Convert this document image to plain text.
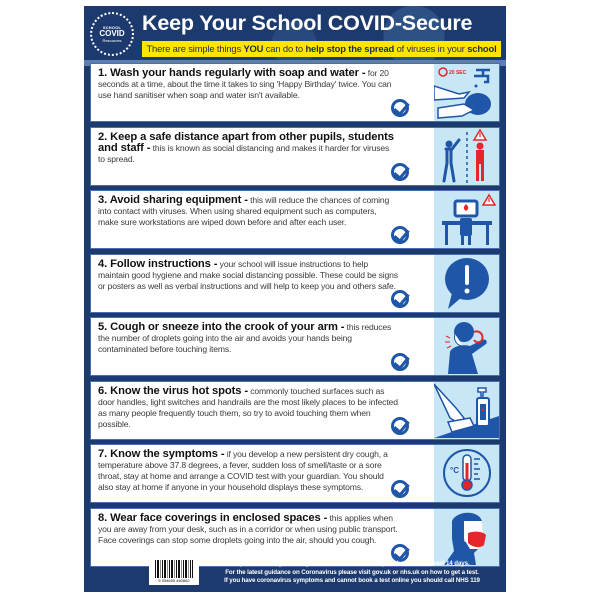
SCHOOL
COVID
Resources
Keep Your School COVID-Secure
There are simple things YOU can do to help stop the spread of viruses in your school
1. Wash your hands regularly with soap and water - for 20 seconds at a time, about the time it takes to sing 'Happy Birthday' twice. You can use hand sanitiser when soap and water isn't available.
20 SEC
2. Keep a safe distance apart from other pupils, students and staff - this is known as social distancing and makes it harder for viruses to spread.
3. Avoid sharing equipment - this will reduce the chances of coming into contact with viruses. When using shared equipment such as computers, make sure workstations are wiped down before and after each user.
4. Follow instructions - your school will issue instructions to help maintain good hygiene and make social distancing possible. These could be signs or posters as well as verbal instructions and will help to keep you and others safe.
5. Cough or sneeze into the crook of your arm - this reduces the number of droplets going into the air and avoids your hands being contaminated before touching items.
6. Know the virus hot spots - commonly touched surfaces such as door handles, light switches and handrails are the most likely places to be infected as many people frequently touch them, so try to avoid touching them when possible.
7. Know the symptoms - if you develop a new persistent dry cough, a temperature above 37.8 degrees, a fever, sudden loss of smell/taste or a sore throat, stay at home and arrange a COVID test with your guardian. You should also stay at home if anyone in your household displays these symptoms.
°C
8. Wear face coverings in enclosed spaces - this applies when you are away from your desk, such as in a corridor or when using public transport. Face coverings can stop some droplets going into the air, should you cough.
5 054695 460862
If you are feeling unwell, get a test and do not leave your home for at least 14 days.
For the latest guidance on Coronavirus please visit gov.uk or nhs.uk on how to get a test.
If you have coronavirus symptoms and cannot book a test online you should call NHS 119
